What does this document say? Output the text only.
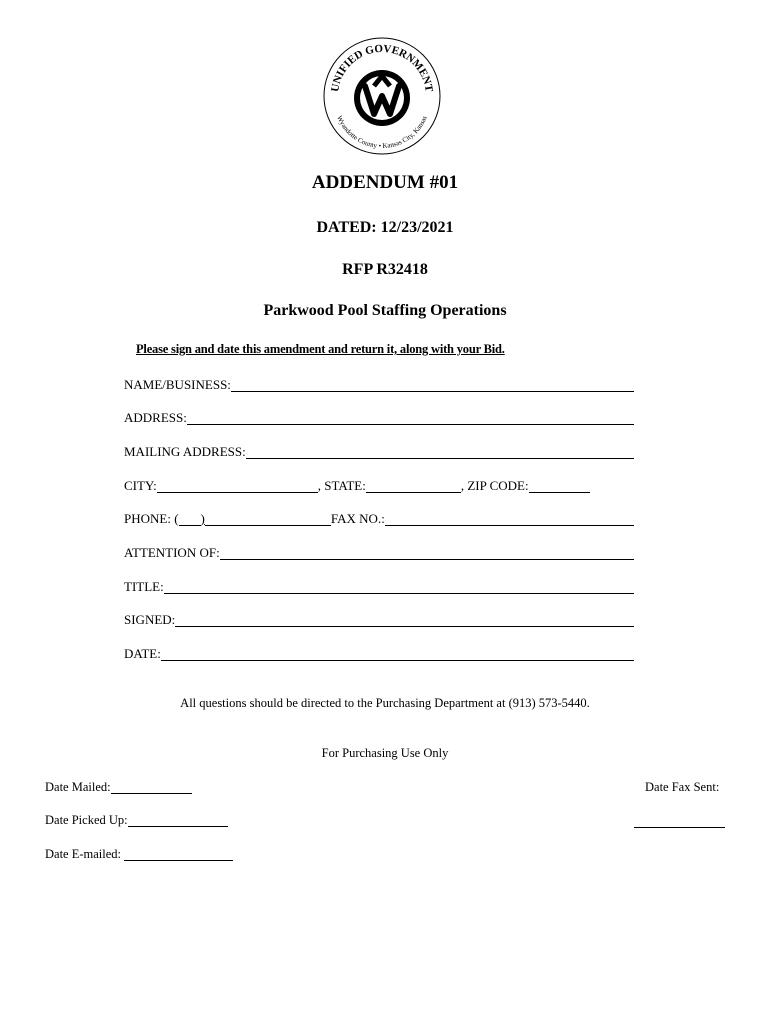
UNIFIED GOVERNMENT
Wyandotte County • Kansas City, Kansas
ADDENDUM #01
DATED: 12/23/2021
RFP R32418
Parkwood Pool Staffing Operations
Please sign and date this amendment and return it, along with your Bid.
NAME/BUSINESS:
ADDRESS:
MAILING ADDRESS:
CITY:	, STATE:	, ZIP CODE:
PHONE: ( )	FAX NO.:
ATTENTION OF:
TITLE:
SIGNED:
DATE:
All questions should be directed to the Purchasing Department at (913) 573-5440.
For Purchasing Use Only
Date Mailed:	Date Fax Sent:
Date Picked Up:
Date E-mailed:
